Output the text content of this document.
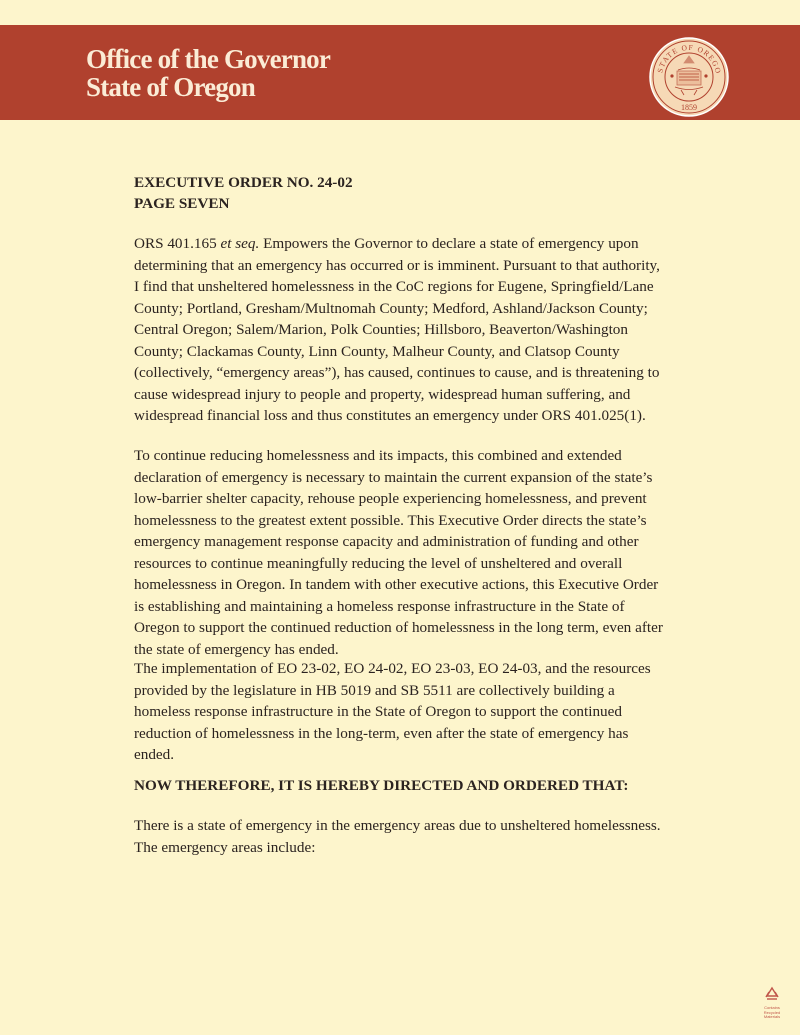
Office of the Governor
State of Oregon
STATE OF OREGO
1859
EXECUTIVE ORDER NO. 24-02
PAGE SEVEN

ORS 401.165 et seq. Empowers the Governor to declare a state of emergency upon determining that an emergency has occurred or is imminent. Pursuant to that authority, I find that unsheltered homelessness in the CoC regions for Eugene, Springfield/Lane County; Portland, Gresham/Multnomah County; Medford, Ashland/Jackson County; Central Oregon; Salem/Marion, Polk Counties; Hillsboro, Beaverton/Washington County; Clackamas County, Linn County, Malheur County, and Clatsop County (collectively, “emergency areas”), has caused, continues to cause, and is threatening to cause widespread injury to people and property, widespread human suffering, and widespread financial loss and thus constitutes an emergency under ORS 401.025(1).

To continue reducing homelessness and its impacts, this combined and extended declaration of emergency is necessary to maintain the current expansion of the state’s low-barrier shelter capacity, rehouse people experiencing homelessness, and prevent homelessness to the greatest extent possible. This Executive Order directs the state’s emergency management response capacity and administration of funding and other resources to continue meaningfully reducing the level of unsheltered and overall homelessness in Oregon. In tandem with other executive actions, this Executive Order is establishing and maintaining a homeless response infrastructure in the State of Oregon to support the continued reduction of homelessness in the long term, even after the state of emergency has ended.

The implementation of EO 23-02, EO 24-02, EO 23-03, EO 24-03, and the resources provided by the legislature in HB 5019 and SB 5511 are collectively building a homeless response infrastructure in the State of Oregon to support the continued reduction of homelessness in the long-term, even after the state of emergency has ended.

NOW THEREFORE, IT IS HEREBY DIRECTED AND ORDERED THAT:

There is a state of emergency in the emergency areas due to unsheltered homelessness. The emergency areas include:

Contains Recycled Materials
